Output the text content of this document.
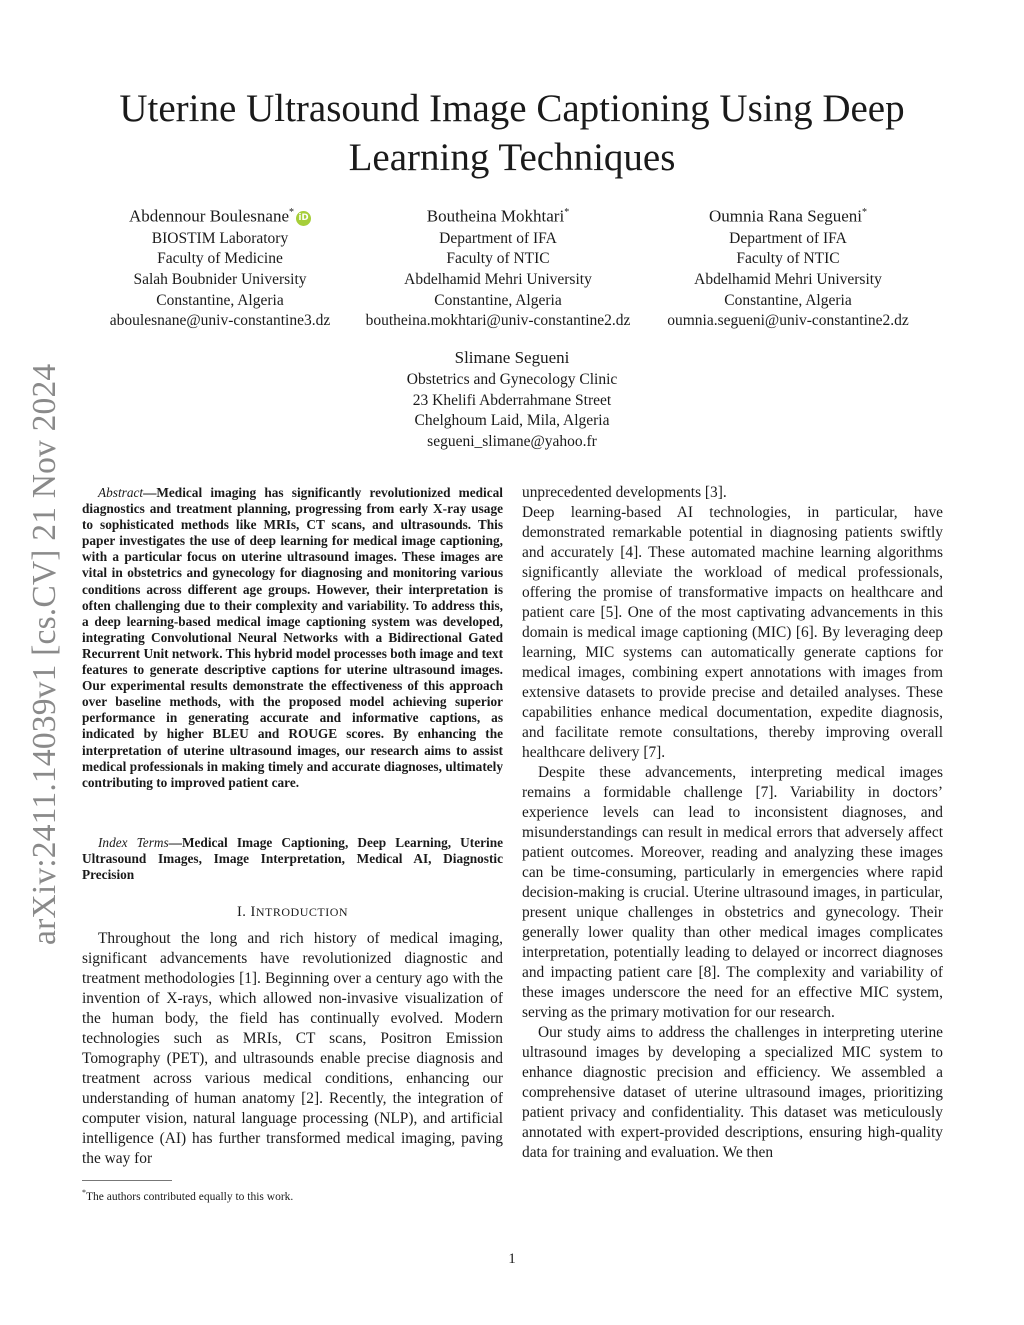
arXiv:2411.14039v1 [cs.CV] 21 Nov 2024
Uterine Ultrasound Image Captioning Using Deep Learning Techniques
Abdennour Boulesnane* iD
BIOSTIM Laboratory
Faculty of Medicine
Salah Boubnider University
Constantine, Algeria
aboulesnane@univ-constantine3.dz
Boutheina Mokhtari*
Department of IFA
Faculty of NTIC
Abdelhamid Mehri University
Constantine, Algeria
boutheina.mokhtari@univ-constantine2.dz
Oumnia Rana Segueni*
Department of IFA
Faculty of NTIC
Abdelhamid Mehri University
Constantine, Algeria
oumnia.segueni@univ-constantine2.dz
Slimane Segueni
Obstetrics and Gynecology Clinic
23 Khelifi Abderrahmane Street
Chelghoum Laid, Mila, Algeria
segueni_slimane@yahoo.fr

Abstract—Medical imaging has significantly revolutionized medical diagnostics and treatment planning, progressing from early X-ray usage to sophisticated methods like MRIs, CT scans, and ultrasounds. This paper investigates the use of deep learning for medical image captioning, with a particular focus on uterine ultrasound images. These images are vital in obstetrics and gynecology for diagnosing and monitoring various conditions across different age groups. However, their interpretation is often challenging due to their complexity and variability. To address this, a deep learning-based medical image captioning system was developed, integrating Convolutional Neural Networks with a Bidirectional Gated Recurrent Unit network. This hybrid model processes both image and text features to generate descriptive captions for uterine ultrasound images. Our experimental results demonstrate the effectiveness of this approach over baseline methods, with the proposed model achieving superior performance in generating accurate and informative captions, as indicated by higher BLEU and ROUGE scores. By enhancing the interpretation of uterine ultrasound images, our research aims to assist medical professionals in making timely and accurate diagnoses, ultimately contributing to improved patient care.

Index Terms—Medical Image Captioning, Deep Learning, Uterine Ultrasound Images, Image Interpretation, Medical AI, Diagnostic Precision

I. INTRODUCTION

Throughout the long and rich history of medical imaging, significant advancements have revolutionized diagnostic and treatment methodologies [1]. Beginning over a century ago with the invention of X-rays, which allowed non-invasive visualization of the human body, the field has continually evolved. Modern technologies such as MRIs, CT scans, Positron Emission Tomography (PET), and ultrasounds enable precise diagnosis and treatment across various medical conditions, enhancing our understanding of human anatomy [2]. Recently, the integration of computer vision, natural language processing (NLP), and artificial intelligence (AI) has further transformed medical imaging, paving the way for

unprecedented developments [3].

Deep learning-based AI technologies, in particular, have demonstrated remarkable potential in diagnosing patients swiftly and accurately [4]. These automated machine learning algorithms significantly alleviate the workload of medical professionals, offering the promise of transformative impacts on healthcare and patient care [5]. One of the most captivating advancements in this domain is medical image captioning (MIC) [6]. By leveraging deep learning, MIC systems can automatically generate captions for medical images, combining expert annotations with images from extensive datasets to provide precise and detailed analyses. These capabilities enhance medical documentation, expedite diagnosis, and facilitate remote consultations, thereby improving overall healthcare delivery [7].

Despite these advancements, interpreting medical images remains a formidable challenge [7]. Variability in doctors’ experience levels can lead to inconsistent diagnoses, and misunderstandings can result in medical errors that adversely affect patient outcomes. Moreover, reading and analyzing these images can be time-consuming, particularly in emergencies where rapid decision-making is crucial. Uterine ultrasound images, in particular, present unique challenges in obstetrics and gynecology. Their generally lower quality than other medical images complicates interpretation, potentially leading to delayed or incorrect diagnoses and impacting patient care [8]. The complexity and variability of these images underscore the need for an effective MIC system, serving as the primary motivation for our research.

Our study aims to address the challenges in interpreting uterine ultrasound images by developing a specialized MIC system to enhance diagnostic precision and efficiency. We assembled a comprehensive dataset of uterine ultrasound images, prioritizing patient privacy and confidentiality. This dataset was meticulously annotated with expert-provided descriptions, ensuring high-quality data for training and evaluation. We then

*The authors contributed equally to this work.
1
